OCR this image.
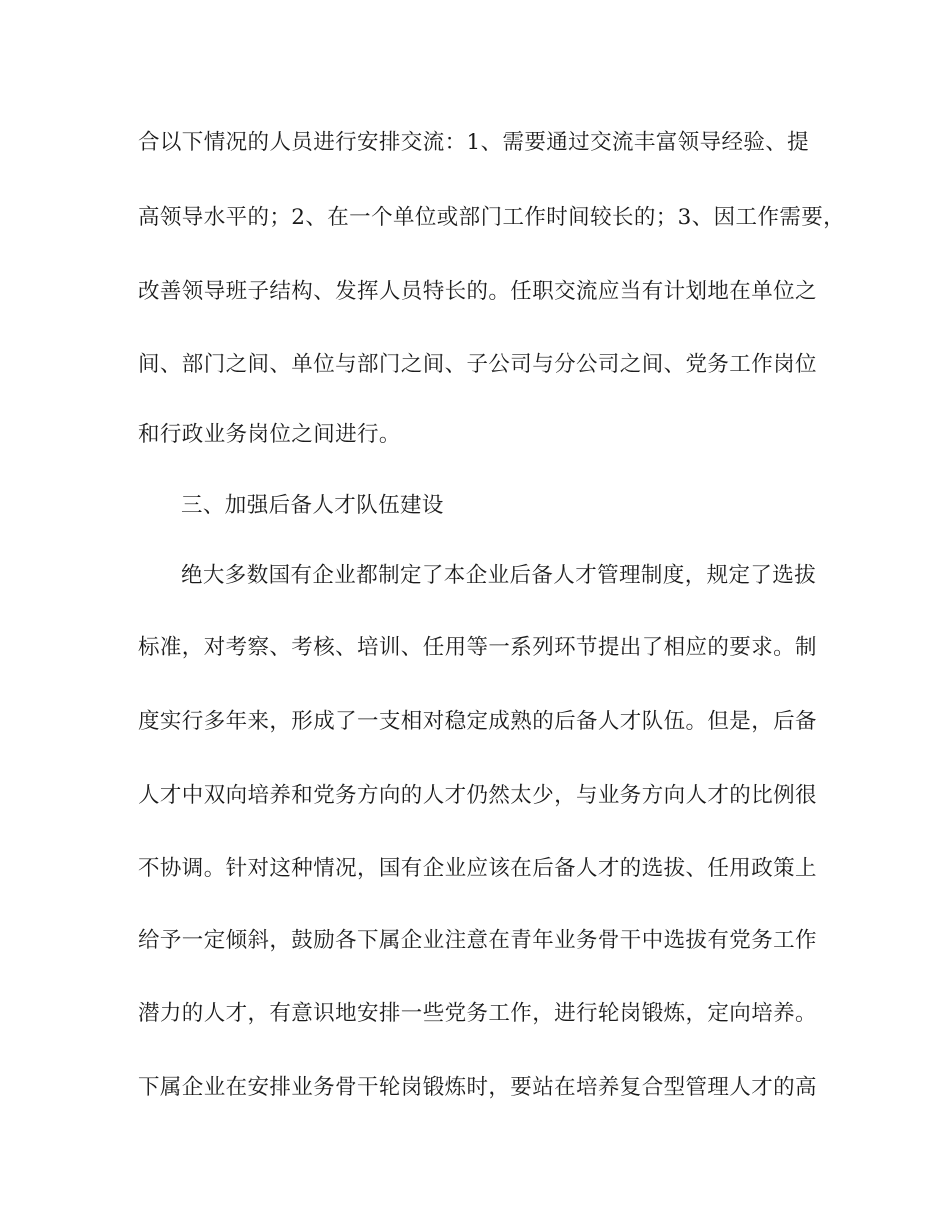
合以下情况的人员进行安排交流：1、需要通过交流丰富领导经验、提
高领导水平的；2、在一个单位或部门工作时间较长的；3、因工作需要，
改善领导班子结构、发挥人员特长的。任职交流应当有计划地在单位之
间、部门之间、单位与部门之间、子公司与分公司之间、党务工作岗位
和行政业务岗位之间进行。
三、加强后备人才队伍建设
绝大多数国有企业都制定了本企业后备人才管理制度，规定了选拔
标准，对考察、考核、培训、任用等一系列环节提出了相应的要求。制
度实行多年来，形成了一支相对稳定成熟的后备人才队伍。但是，后备
人才中双向培养和党务方向的人才仍然太少，与业务方向人才的比例很
不协调。针对这种情况，国有企业应该在后备人才的选拔、任用政策上
给予一定倾斜，鼓励各下属企业注意在青年业务骨干中选拔有党务工作
潜力的人才，有意识地安排一些党务工作，进行轮岗锻炼，定向培养。
下属企业在安排业务骨干轮岗锻炼时，要站在培养复合型管理人才的高
